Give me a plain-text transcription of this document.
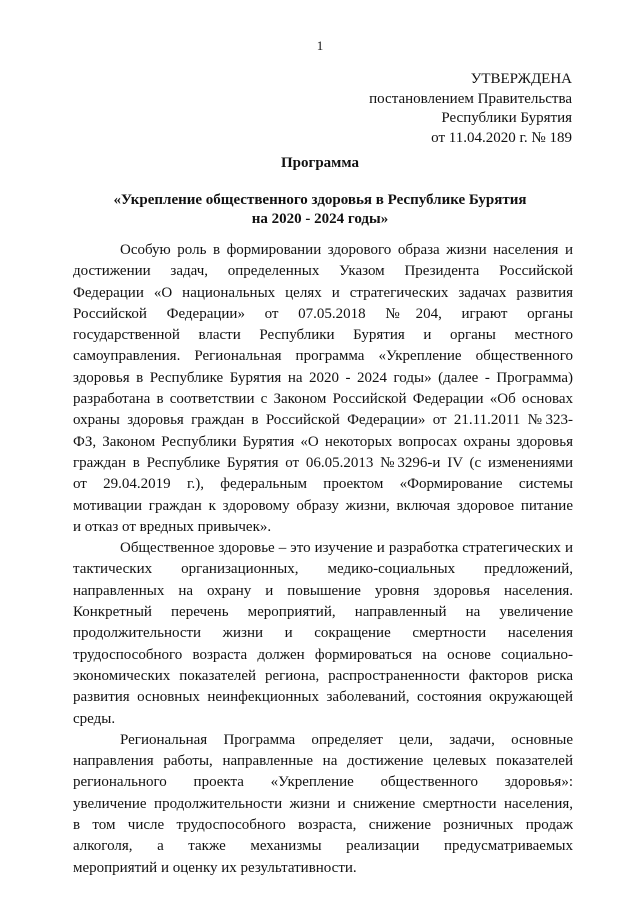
1
УТВЕРЖДЕНА
постановлением Правительства
Республики Бурятия
от 11.04.2020 г. № 189
Программа
«Укрепление общественного здоровья в Республике Бурятия
на 2020 - 2024 годы»

Особую роль в формировании здорового образа жизни населения и
достижении задач, определенных Указом Президента Российской
Федерации «О национальных целях и стратегических задачах развития
Российской Федерации» от 07.05.2018 №204, играют органы
государственной власти Республики Бурятия и органы местного
самоуправления. Региональная программа «Укрепление общественного
здоровья в Республике Бурятия на 2020 - 2024 годы» (далее - Программа)
разработана в соответствии с Законом Российской Федерации «Об основах
охраны здоровья граждан в Российской Федерации» от 21.11.2011 №323-
ФЗ, Законом Республики Бурятия «О некоторых вопросах охраны здоровья
граждан в Республике Бурятия от 06.05.2013 №3296-и IV (с изменениями
от 29.04.2019 г.), федеральным проектом «Формирование системы
мотивации граждан к здоровому образу жизни, включая здоровое питание
и отказ от вредных привычек».

Общественное здоровье – это изучение и разработка стратегических и
тактических организационных, медико-социальных предложений,
направленных на охрану и повышение уровня здоровья населения.
Конкретный перечень мероприятий, направленный на увеличение
продолжительности жизни и сокращение смертности населения
трудоспособного возраста должен формироваться на основе социально-
экономических показателей региона, распространенности факторов риска
развития основных неинфекционных заболеваний, состояния окружающей
среды.

Региональная Программа определяет цели, задачи, основные
направления работы, направленные на достижение целевых показателей
регионального проекта «Укрепление общественного здоровья»:
увеличение продолжительности жизни и снижение смертности населения,
в том числе трудоспособного возраста, снижение розничных продаж
алкоголя, а также механизмы реализации предусматриваемых
мероприятий и оценку их результативности.
